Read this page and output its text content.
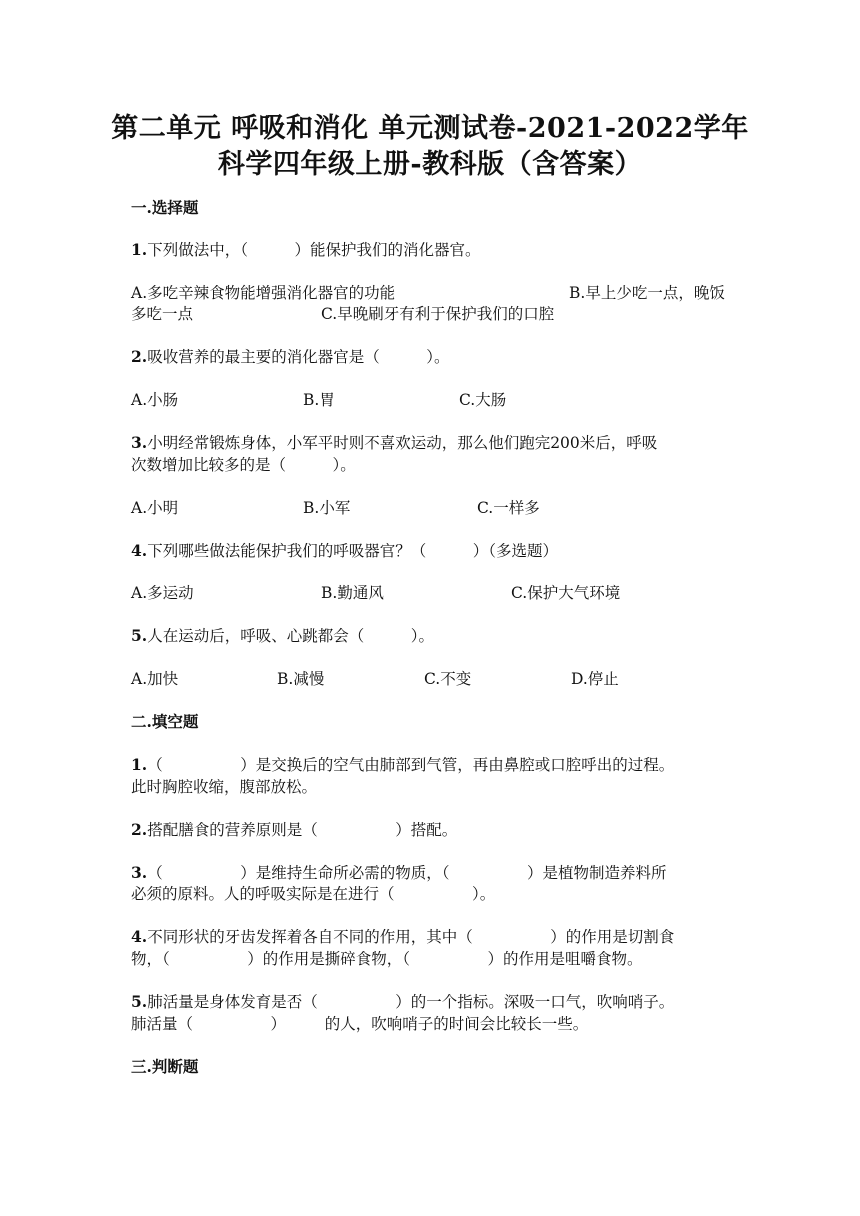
第二单元 呼吸和消化 单元测试卷-2021-2022学年
科学四年级上册-教科版（含答案）
一.选择题
1.下列做法中，（　　　）能保护我们的消化器官。
A.多吃辛辣食物能增强消化器官的功能	B.早上少吃一点，晚饭
多吃一点	C.早晚刷牙有利于保护我们的口腔
2.吸收营养的最主要的消化器官是（　　　）。
A.小肠	B.胃	C.大肠
3.小明经常锻炼身体，小军平时则不喜欢运动，那么他们跑完200米后，呼吸
次数增加比较多的是（　　　）。
A.小明	B.小军	C.一样多
4.下列哪些做法能保护我们的呼吸器官？（　　　）（多选题）
A.多运动	B.勤通风	C.保护大气环境
5.人在运动后，呼吸、心跳都会（　　　）。
A.加快	B.减慢	C.不变	D.停止
二.填空题
1.（　　　　　）是交换后的空气由肺部到气管，再由鼻腔或口腔呼出的过程。
此时胸腔收缩，腹部放松。
2.搭配膳食的营养原则是（　　　　　）搭配。
3.（　　　　　）是维持生命所必需的物质，（　　　　　）是植物制造养料所
必须的原料。人的呼吸实际是在进行（　　　　　）。
4.不同形状的牙齿发挥着各自不同的作用，其中（　　　　　）的作用是切割食
物，（　　　　　）的作用是撕碎食物，（　　　　　）的作用是咀嚼食物。
5.肺活量是身体发育是否（　　　　　）的一个指标。深吸一口气，吹响哨子。
肺活量（　　　　　）　　　的人，吹响哨子的时间会比较长一些。
三.判断题
